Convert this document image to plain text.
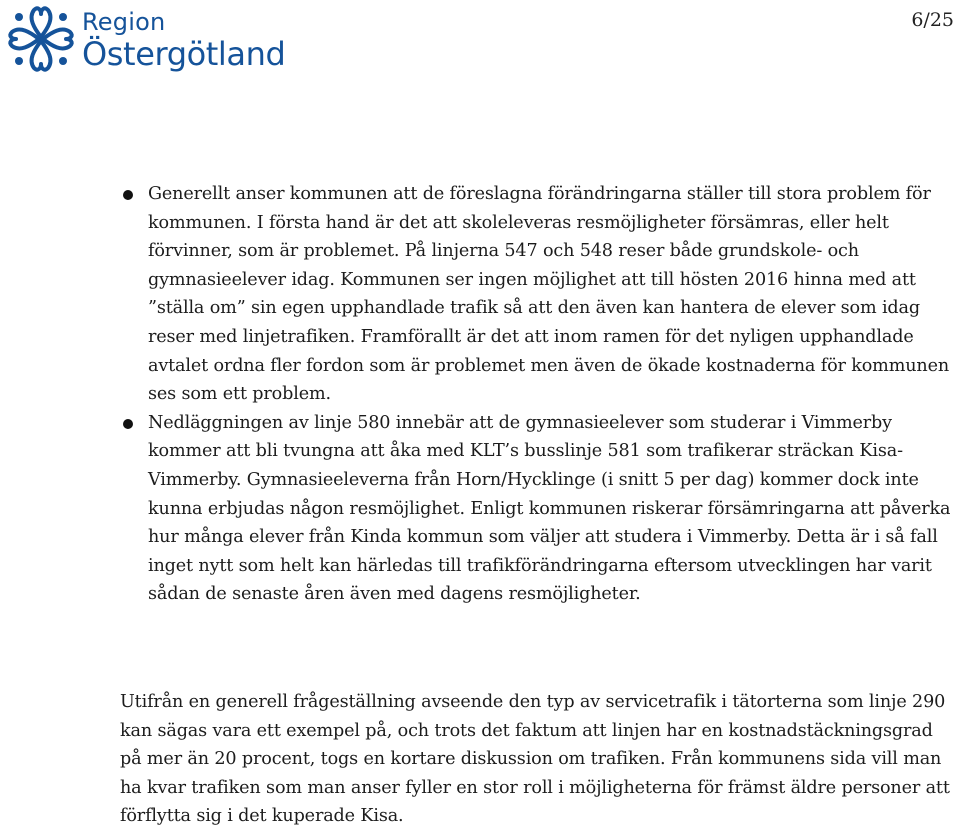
Region
Östergötland
6/25
Generellt anser kommunen att de föreslagna förändringarna ställer till stora problem för kommunen. I första hand är det att skoleleveras resmöjligheter försämras, eller helt förvinner, som är problemet. På linjerna 547 och 548 reser både grundskole- och gymnasieelever idag. Kommunen ser ingen möjlighet att till hösten 2016 hinna med att ”ställa om” sin egen upphandlade trafik så att den även kan hantera de elever som idag reser med linjetrafiken. Framförallt är det att inom ramen för det nyligen upphandlade avtalet ordna fler fordon som är problemet men även de ökade kostnaderna för kommunen ses som ett problem.
Nedläggningen av linje 580 innebär att de gymnasieelever som studerar i Vimmerby kommer att bli tvungna att åka med KLT’s busslinje 581 som trafikerar sträckan Kisa-Vimmerby. Gymnasieeleverna från Horn/Hycklinge (i snitt 5 per dag) kommer dock inte kunna erbjudas någon resmöjlighet. Enligt kommunen riskerar försämringarna att påverka hur många elever från Kinda kommun som väljer att studera i Vimmerby. Detta är i så fall inget nytt som helt kan härledas till trafikförändringarna eftersom utvecklingen har varit sådan de senaste åren även med dagens resmöjligheter.

Utifrån en generell frågeställning avseende den typ av servicetrafik i tätorterna som linje 290 kan sägas vara ett exempel på, och trots det faktum att linjen har en kostnadstäckningsgrad på mer än 20 procent, togs en kortare diskussion om trafiken. Från kommunens sida vill man ha kvar trafiken som man anser fyller en stor roll i möjligheterna för främst äldre personer att förflytta sig i det kuperade Kisa.
